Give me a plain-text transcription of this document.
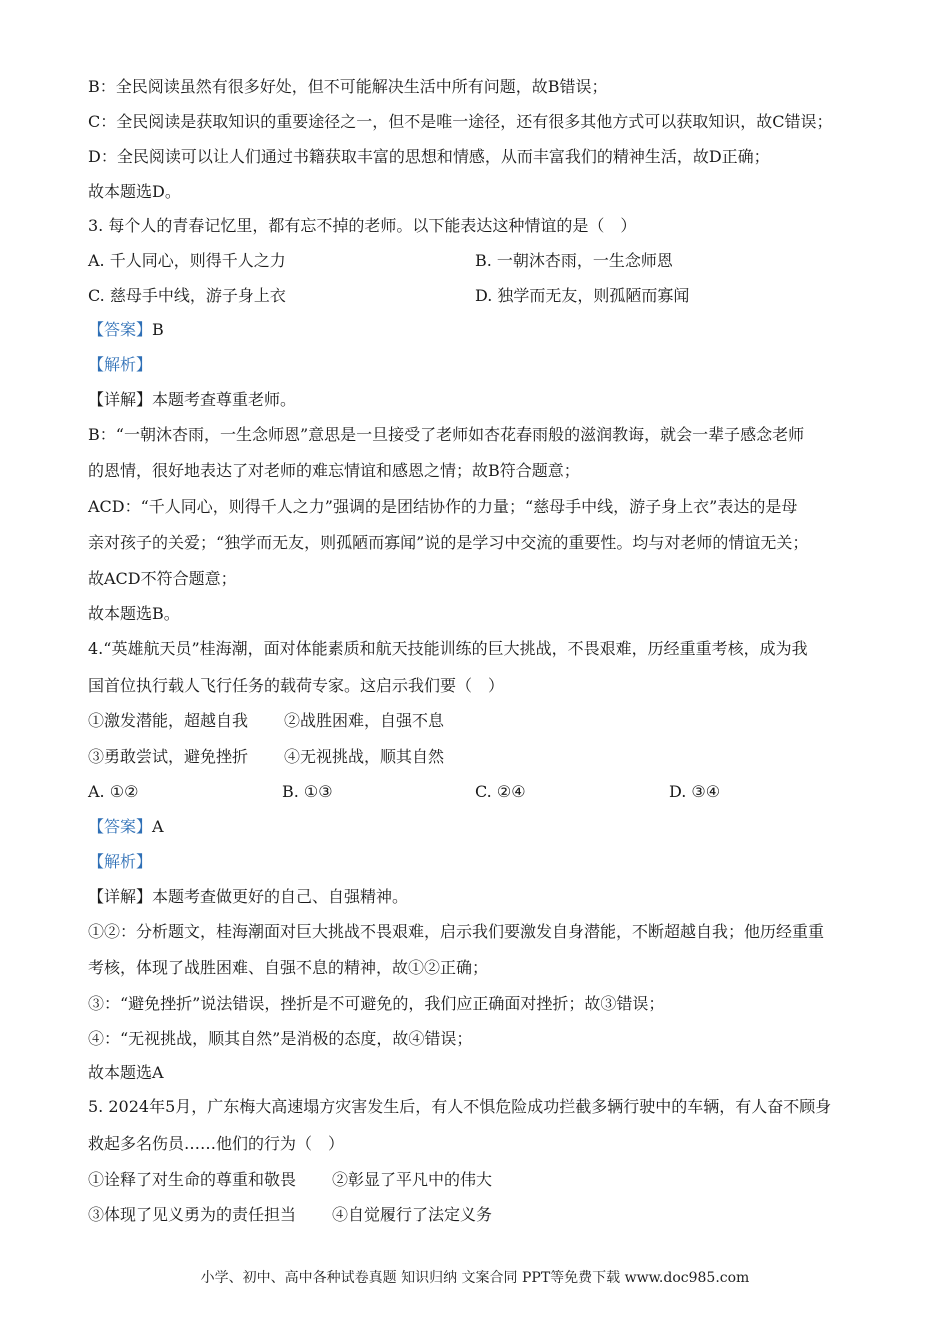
B：全民阅读虽然有很多好处，但不可能解决生活中所有问题，故B错误；
C：全民阅读是获取知识的重要途径之一，但不是唯一途径，还有很多其他方式可以获取知识，故C错误；
D：全民阅读可以让人们通过书籍获取丰富的思想和情感，从而丰富我们的精神生活，故D正确；
故本题选D。
3. 每个人的青春记忆里，都有忘不掉的老师。以下能表达这种情谊的是（　）
A. 千人同心，则得千人之力	B. 一朝沐杏雨，一生念师恩
C. 慈母手中线，游子身上衣	D. 独学而无友，则孤陋而寡闻
【答案】B
【解析】
【详解】本题考查尊重老师。
B：“一朝沐杏雨，一生念师恩”意思是一旦接受了老师如杏花春雨般的滋润教诲，就会一辈子感念老师
的恩情，很好地表达了对老师的难忘情谊和感恩之情；故B符合题意；
ACD：“千人同心，则得千人之力”强调的是团结协作的力量；“慈母手中线，游子身上衣”表达的是母
亲对孩子的关爱；“独学而无友，则孤陋而寡闻”说的是学习中交流的重要性。均与对老师的情谊无关；
故ACD不符合题意；
故本题选B。
4.“英雄航天员”桂海潮，面对体能素质和航天技能训练的巨大挑战，不畏艰难，历经重重考核，成为我
国首位执行载人飞行任务的载荷专家。这启示我们要（　）
①激发潜能，超越自我 ②战胜困难，自强不息
③勇敢尝试，避免挫折 ④无视挑战，顺其自然
A. ①②	B. ①③	C. ②④	D. ③④
【答案】A
【解析】
【详解】本题考查做更好的自己、自强精神。
①②：分析题文，桂海潮面对巨大挑战不畏艰难，启示我们要激发自身潜能，不断超越自我；他历经重重
考核，体现了战胜困难、自强不息的精神，故①②正确；
③：“避免挫折”说法错误，挫折是不可避免的，我们应正确面对挫折；故③错误；
④：“无视挑战，顺其自然”是消极的态度，故④错误；
故本题选A
5. 2024年5月，广东梅大高速塌方灾害发生后，有人不惧危险成功拦截多辆行驶中的车辆，有人奋不顾身
救起多名伤员……他们的行为（　）
①诠释了对生命的尊重和敬畏 ②彰显了平凡中的伟大
③体现了见义勇为的责任担当 ④自觉履行了法定义务
小学、初中、高中各种试卷真题 知识归纳 文案合同 PPT等免费下载 www.doc985.com
